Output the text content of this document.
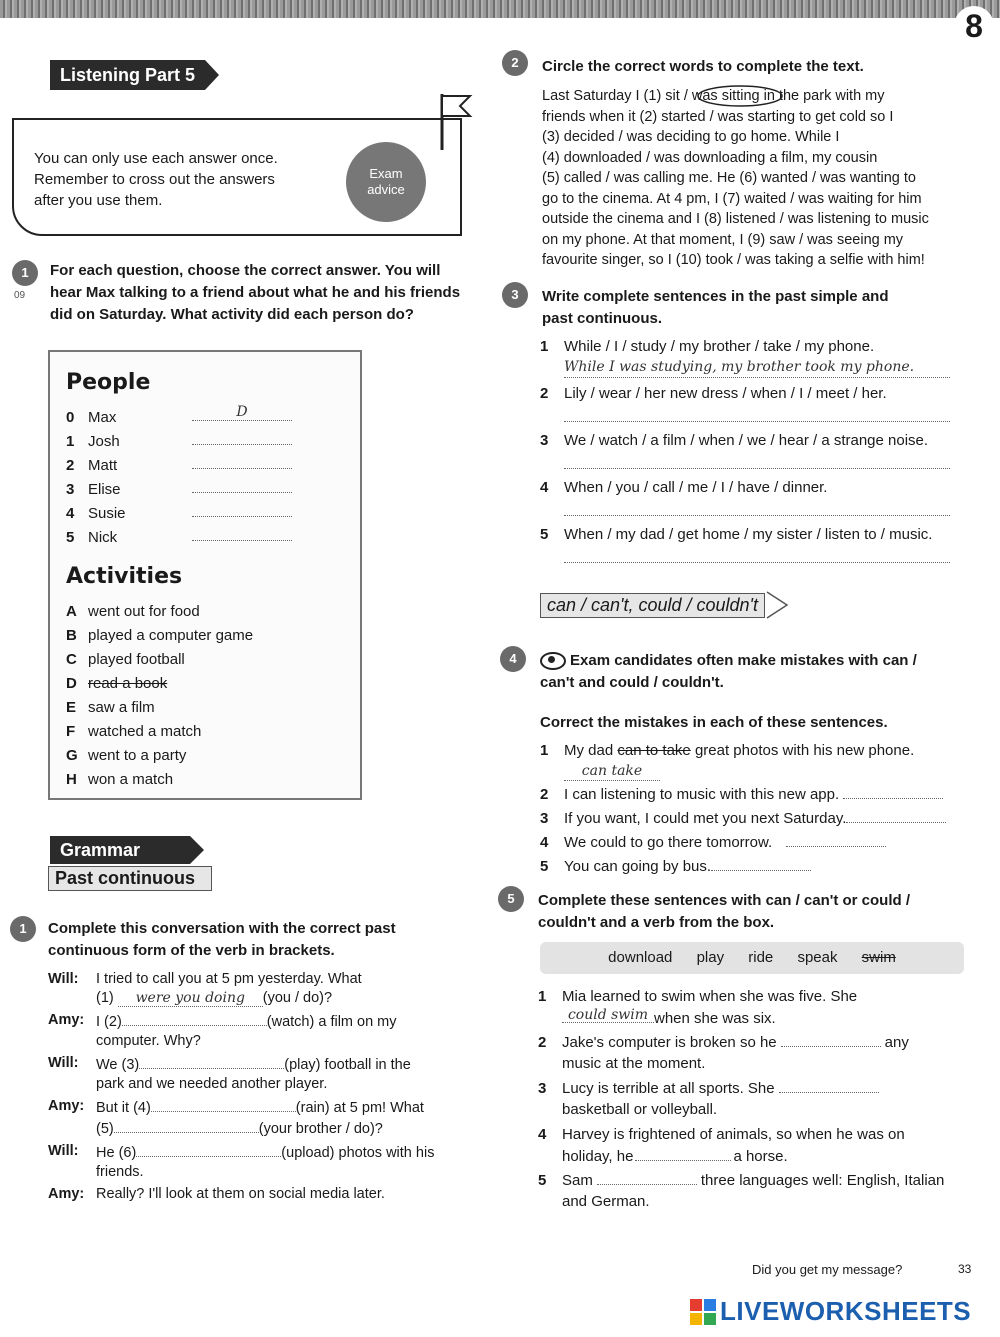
8
Listening Part 5
You can only use each answer once.
Remember to cross out the answers
after you use them.
Exam advice
1
09
For each question, choose the correct answer. You will
hear Max talking to a friend about what he and his friends
did on Saturday. What activity did each person do?
People
0 Max	D
1 Josh
2 Matt
3 Elise
4 Susie
5 Nick
Activities
A went out for food
B played a computer game
C played football
D read a book
E saw a film
F watched a match
G went to a party
H won a match
Grammar
Past continuous
1	Complete this conversation with the correct past
continuous form of the verb in brackets.
Will:	I tried to call you at 5 pm yesterday. What
(1) were you doing (you / do)?
Amy: I (2)	(watch) a film on my
computer. Why?
Will:	We (3)	(play) football in the
park and we needed another player.
Amy: But it (4)	(rain) at 5 pm! What
(5)	(your brother / do)?
Will:	He (6)	(upload) photos with his
friends.
Amy: Really? I'll look at them on social media later.
2	Circle the correct words to complete the text.
Last Saturday I (1) sit / was sitting in the park with my
friends when it (2) started / was starting to get cold so I
(3) decided / was deciding to go home. While I
(4) downloaded / was downloading a film, my cousin
(5) called / was calling me. He (6) wanted / was wanting to
go to the cinema. At 4 pm, I (7) waited / was waiting for him
outside the cinema and I (8) listened / was listening to music
on my phone. At that moment, I (9) saw / was seeing my
favourite singer, so I (10) took / was taking a selfie with him!
3	Write complete sentences in the past simple and
past continuous.
1	While / I / study / my brother / take / my phone.
While I was studying, my brother took my phone.
2	Lily / wear / her new dress / when / I / meet / her.
3	We / watch / a film / when / we / hear / a strange noise.
4	When / you / call / me / I / have / dinner.
5	When / my dad / get home / my sister / listen to / music.
can / can't, could / couldn't
4	Exam candidates often make mistakes with can /
can't and could / couldn't.
Correct the mistakes in each of these sentences.
1	My dad can to take great photos with his new phone.
can take
2	I can listening to music with this new app.
3	If you want, I could met you next Saturday.
4	We could to go there tomorrow.
5	You can going by bus.
5	Complete these sentences with can / can't or could /
couldn't and a verb from the box.
download play ride speak swim
1	Mia learned to swim when she was five. She
could swim when she was six.
2	Jake's computer is broken so he	any
music at the moment.
3	Lucy is terrible at all sports. She
basketball or volleyball.
4	Harvey is frightened of animals, so when he was on
holiday, he	a horse.
5	Sam	three languages well: English, Italian
and German.
Did you get my message?	33
LIVEWORKSHEETS
